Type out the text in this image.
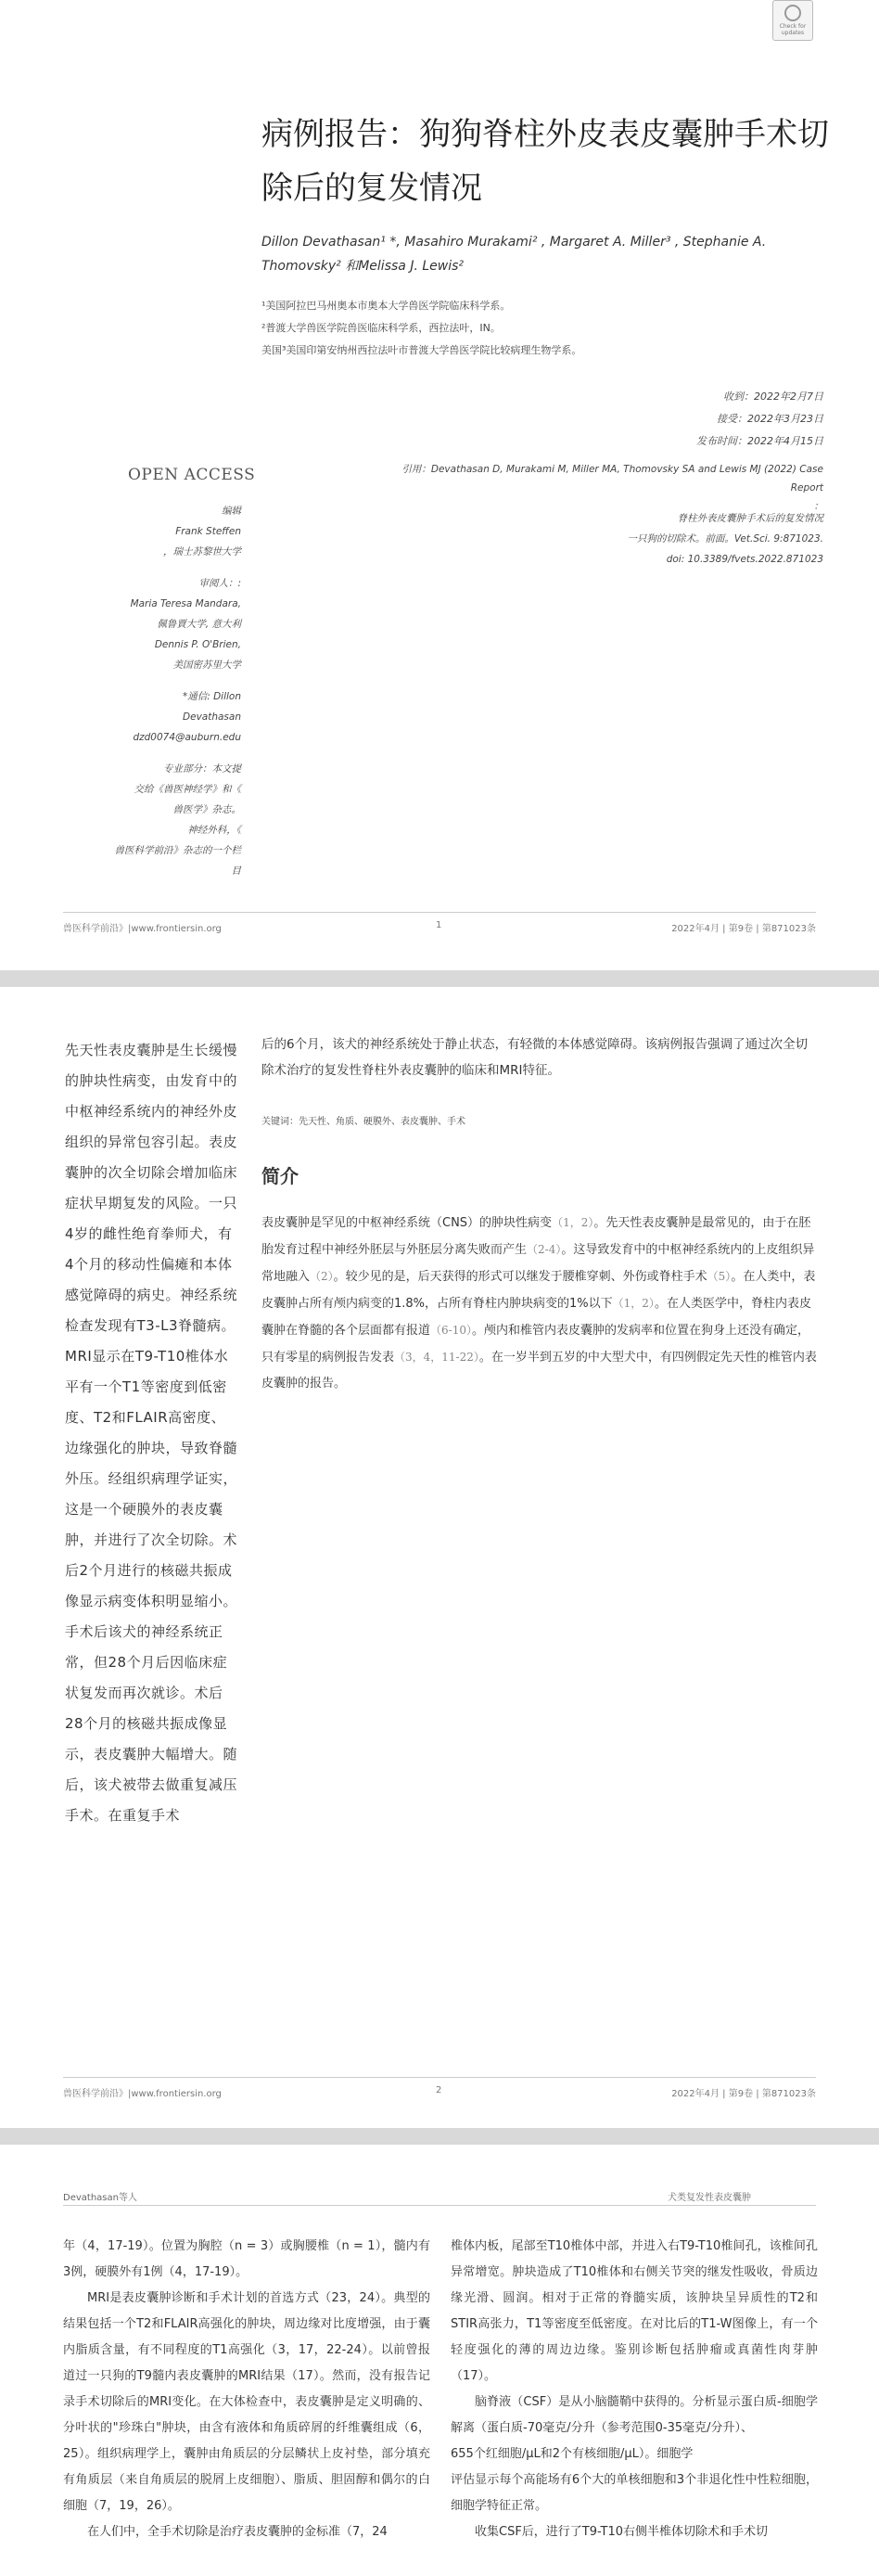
Check for updates
病例报告：狗狗脊柱外皮表皮囊肿手术切除后的复发情况
Dillon Devathasan¹ *, Masahiro Murakami² , Margaret A. Miller³ , Stephanie A. Thomovsky² 和Melissa J. Lewis²
¹美国阿拉巴马州奥本市奥本大学兽医学院临床科学系。
²普渡大学兽医学院兽医临床科学系，西拉法叶，IN。
美国³美国印第安纳州西拉法叶市普渡大学兽医学院比较病理生物学系。
收到：2022年2月7日
接受：2022年3月23日
发布时间：2022年4月15日
OPEN ACCESS	引用：Devathasan D, Murakami M, Miller MA, Thomovsky SA and Lewis MJ (2022) Case Report
：
脊柱外表皮囊肿手术后的复发情况
一只狗的切除术。前面。Vet.Sci. 9:871023.
doi: 10.3389/fvets.2022.871023
编辑
Frank Steffen
，瑞士苏黎世大学
审阅人：:
Maria Teresa Mandara,
佩鲁賈大学, 意大利
Dennis P. O'Brien,
美国密苏里大学
*通信: Dillon
Devathasan
dzd0074@auburn.edu
专业部分：本文提
交给《兽医神经学》和《
兽医学》杂志。
神经外科，《
兽医科学前沿》杂志的一个栏
目
兽医科学前沿》|www.frontiersin.org	1	2022年4月 | 第9卷 | 第871023条
先天性表皮囊肿是生长缓慢的肿块性病变，由发育中的中枢神经系统内的神经外皮组织的异常包容引起。表皮囊肿的次全切除会增加临床症状早期复发的风险。一只4岁的雌性绝育拳师犬，有4个月的移动性偏瘫和本体感觉障碍的病史。神经系统检查发现有T3-L3脊髓病。MRI显示在T9-T10椎体水平有一个T1等密度到低密度、T2和FLAIR高密度、边缘强化的肿块，导致脊髓外压。经组织病理学证实，这是一个硬膜外的表皮囊肿，并进行了次全切除。术后2个月进行的核磁共振成像显示病变体积明显缩小。手术后该犬的神经系统正常，但28个月后因临床症状复发而再次就诊。术后28个月的核磁共振成像显示，表皮囊肿大幅增大。随后，该犬被带去做重复减压手术。在重复手术
后的6个月，该犬的神经系统处于静止状态，有轻微的本体感觉障碍。该病例报告强调了通过次全切除术治疗的复发性脊柱外表皮囊肿的临床和MRI特征。
关键词：先天性、角质、硬膜外、表皮囊肿、手术
简介
表皮囊肿是罕见的中枢神经系统（CNS）的肿块性病变（1，2）。先天性表皮囊肿是最常见的，由于在胚胎发育过程中神经外胚层与外胚层分离失败而产生（2-4）。这导致发育中的中枢神经系统内的上皮组织异常地融入（2）。较少见的是，后天获得的形式可以继发于腰椎穿刺、外伤或脊柱手术（5）。在人类中，表皮囊肿占所有颅内病变的1.8%，占所有脊柱内肿块病变的1%以下（1，2）。在人类医学中，脊柱内表皮囊肿在脊髓的各个层面都有报道（6-10）。颅内和椎管内表皮囊肿的发病率和位置在狗身上还没有确定，只有零星的病例报告发表（3，4，11-22）。在一岁半到五岁的中大型犬中，有四例假定先天性的椎管内表皮囊肿的报告。
兽医科学前沿》|www.frontiersin.org	2	2022年4月 | 第9卷 | 第871023条
Devathasan等人	犬类复发性表皮囊肿

年（4，17-19）。位置为胸腔（n = 3）或胸腰椎（n = 1），髓内有3例，硬膜外有1例（4，17-19）。

MRI是表皮囊肿诊断和手术计划的首选方式（23，24）。典型的结果包括一个T2和FLAIR高强化的肿块，周边缘对比度增强，由于囊内脂质含量，有不同程度的T1高强化（3，17，22-24）。以前曾报道过一只狗的T9髓内表皮囊肿的MRI结果（17）。然而，没有报告记录手术切除后的MRI变化。在大体检查中，表皮囊肿是定义明确的、分叶状的"珍珠白"肿块，由含有液体和角质碎屑的纤维囊组成（6，25）。组织病理学上，囊肿由角质层的分层鳞状上皮衬垫，部分填充有角质层（来自角质层的脱屑上皮细胞）、脂质、胆固醇和偶尔的白细胞（7，19，26）。

在人们中，全手术切除是治疗表皮囊肿的金标准（7，24

椎体内板，尾部至T10椎体中部，并进入右T9-T10椎间孔，该椎间孔异常增宽。肿块造成了T10椎体和右侧关节突的继发性吸收，骨质边缘光滑、圆润。相对于正常的脊髓实质，该肿块呈异质性的T2和STIR高张力，T1等密度至低密度。在对比后的T1-W图像上，有一个轻度强化的薄的周边边缘。鉴别诊断包括肿瘤或真菌性肉芽肿（17）。

脑脊液（CSF）是从小脑髓鞘中获得的。分析显示蛋白质-细胞学解离（蛋白质-70毫克/分升（参考范围0-35毫克/分升）、

655个红细胞/μL和2个有核细胞/μL）。细胞学

评估显示每个高能场有6个大的单核细胞和3个非退化性中性粒细胞，细胞学特征正常。

收集CSF后，进行了T9-T10右侧半椎体切除术和手术切
